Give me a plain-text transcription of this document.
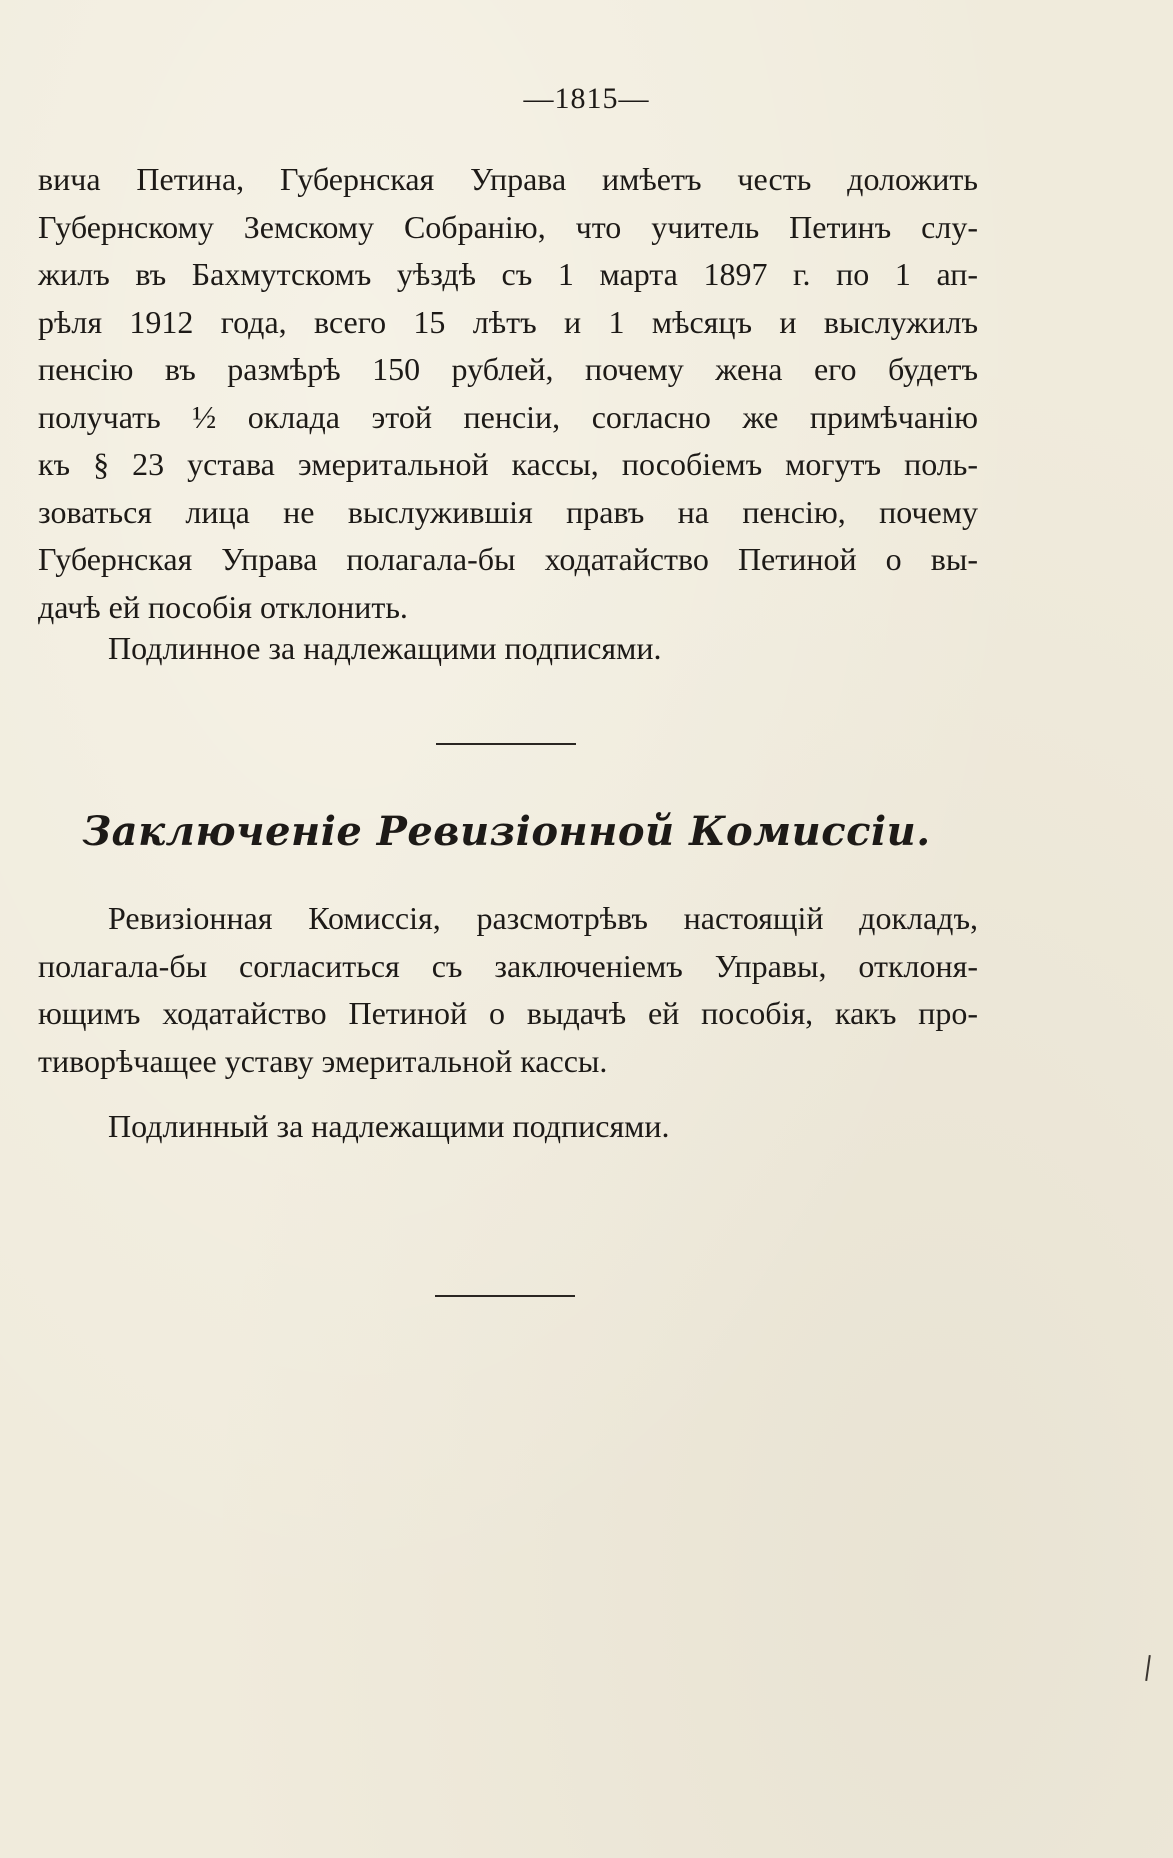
—1815—
вича Петина, Губернская Управа имѣетъ честь доложить
Губернскому Земскому Собранію, что учитель Петинъ слу-
жилъ въ Бахмутскомъ уѣздѣ съ 1 марта 1897 г. по 1 ап-
рѣля 1912 года, всего 15 лѣтъ и 1 мѣсяцъ и выслужилъ
пенсію въ размѣрѣ 150 рублей, почему жена его будетъ
получать ½ оклада этой пенсіи, согласно же примѣчанію
къ § 23 устава эмеритальной кассы, пособіемъ могутъ поль-
зоваться лица не выслужившія правъ на пенсію, почему
Губернская Управа полагала-бы ходатайство Петиной о вы-
дачѣ ей пособія отклонить.
Подлинное за надлежащими подписями.
Заключеніе Ревизіонной Комиссіи.
Ревизіонная Комиссія, разсмотрѣвъ настоящій докладъ,
полагала-бы согласиться съ заключеніемъ Управы, отклоня-
ющимъ ходатайство Петиной о выдачѣ ей пособія, какъ про-
тиворѣчащее уставу эмеритальной кассы.
Подлинный за надлежащими подписями.
